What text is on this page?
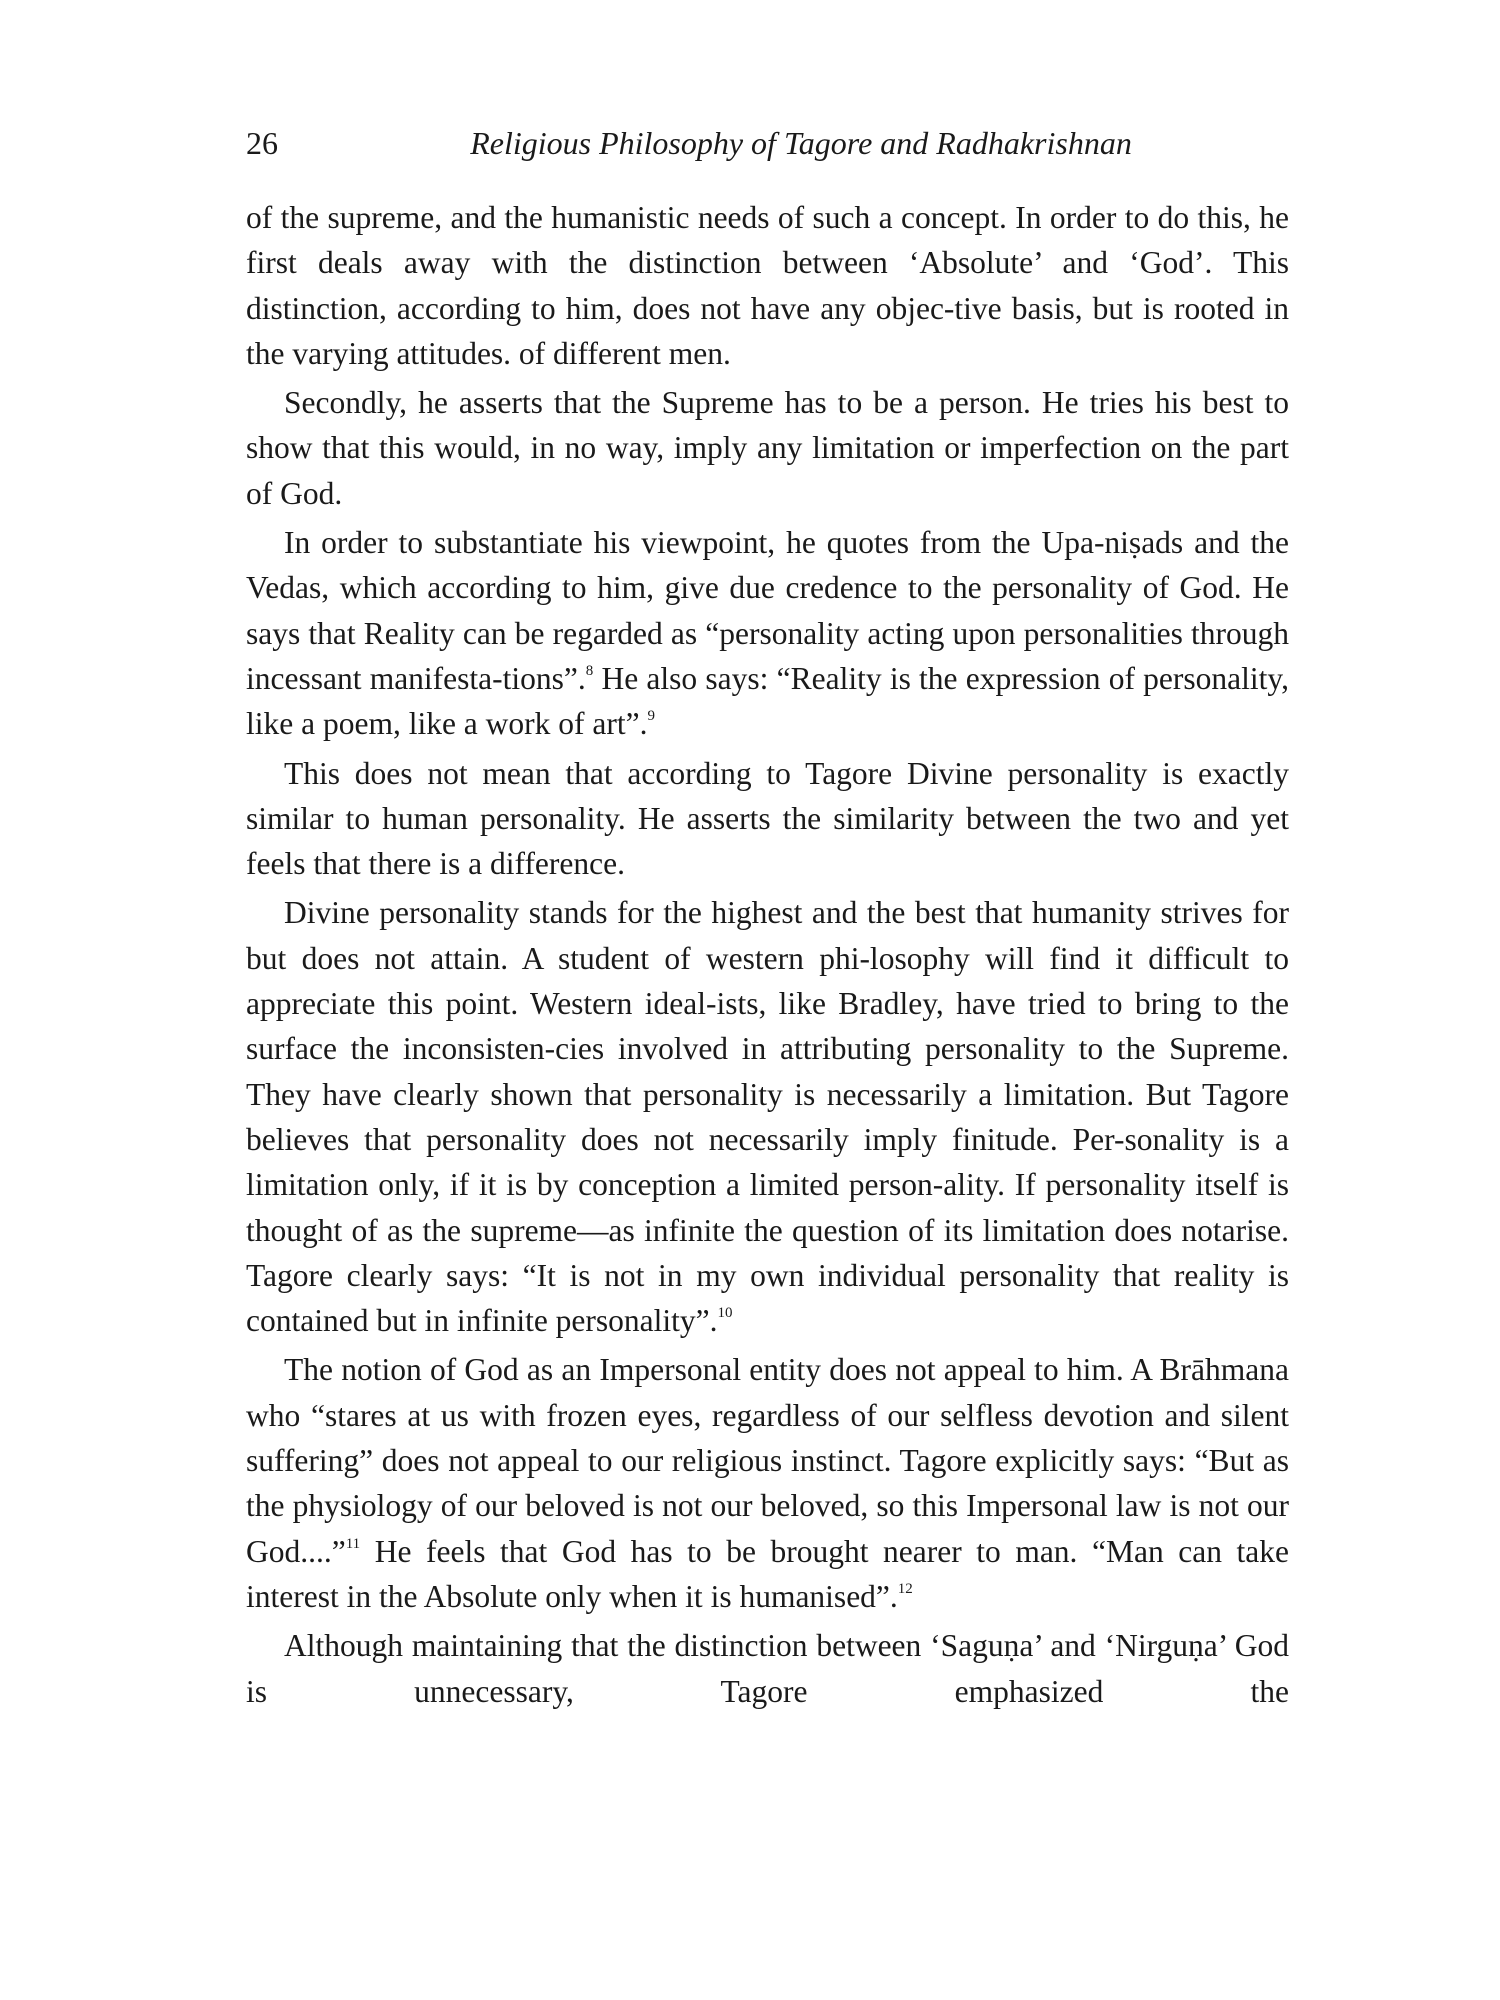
26	Religious Philosophy of Tagore and Radhakrishnan

of the supreme, and the humanistic needs of such a concept. In order to do this, he first deals away with the distinction between ‘Absolute’ and ‘God’. This distinction, according to him, does not have any objec-tive basis, but is rooted in the varying attitudes. of different men.

Secondly, he asserts that the Supreme has to be a person. He tries his best to show that this would, in no way, imply any limitation or imperfection on the part of God.

In order to substantiate his viewpoint, he quotes from the Upa-niṣads and the Vedas, which according to him, give due credence to the personality of God. He says that Reality can be regarded as “personality acting upon personalities through incessant manifesta-tions”.$^8$ He also says: “Reality is the expression of personality, like a poem, like a work of art”.$^9$

This does not mean that according to Tagore Divine personality is exactly similar to human personality. He asserts the similarity between the two and yet feels that there is a difference.

Divine personality stands for the highest and the best that humanity strives for but does not attain. A student of western phi-losophy will find it difficult to appreciate this point. Western ideal-ists, like Bradley, have tried to bring to the surface the inconsisten-cies involved in attributing personality to the Supreme. They have clearly shown that personality is necessarily a limitation. But Tagore believes that personality does not necessarily imply finitude. Per-sonality is a limitation only, if it is by conception a limited person-ality. If personality itself is thought of as the supreme—as infinite the question of its limitation does notarise. Tagore clearly says: “It is not in my own individual personality that reality is contained but in infinite personality”.$^{10}$

The notion of God as an Impersonal entity does not appeal to him. A Brāhmana who “stares at us with frozen eyes, regardless of our selfless devotion and silent suffering” does not appeal to our religious instinct. Tagore explicitly says: “But as the physiology of our beloved is not our beloved, so this Impersonal law is not our God....”$^{11}$ He feels that God has to be brought nearer to man. “Man can take interest in the Absolute only when it is humanised”.$^{12}$

Although maintaining that the distinction between ‘Saguṇa’ and ‘Nirguṇa’ God is unnecessary, Tagore emphasized the
